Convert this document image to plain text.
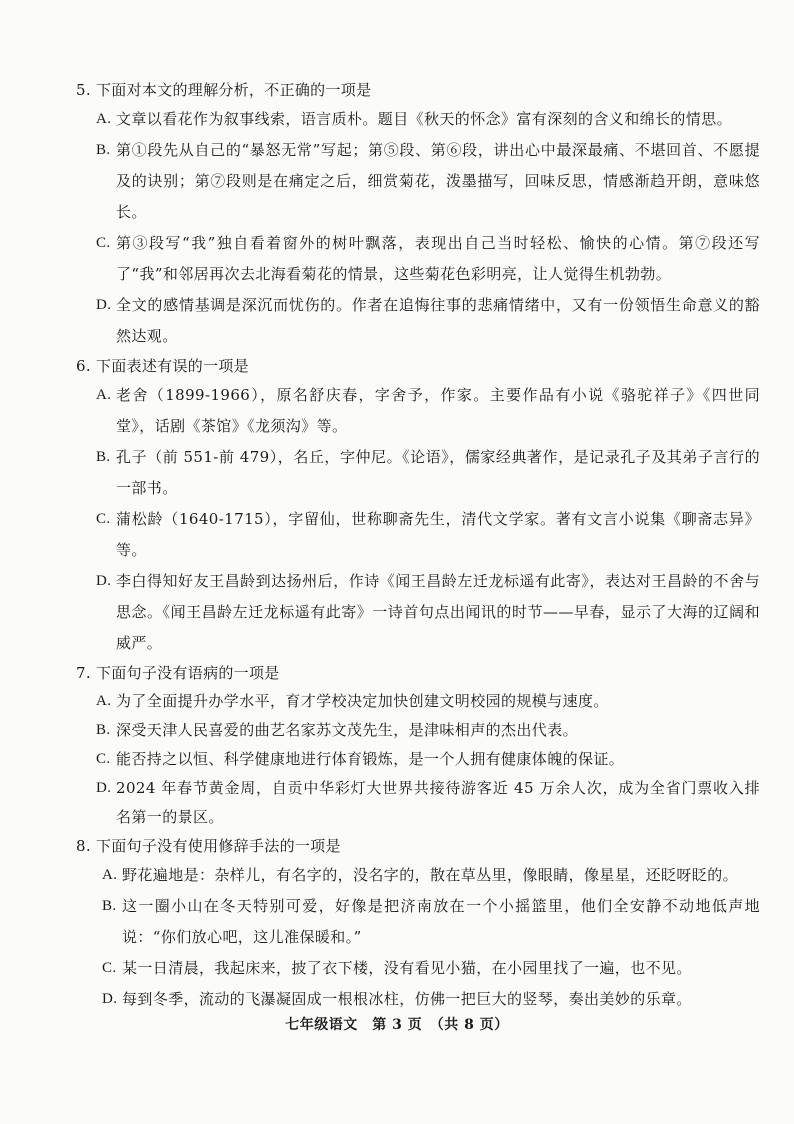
5. 下面对本文的理解分析，不正确的一项是

A. 文章以看花作为叙事线索，语言质朴。题目《秋天的怀念》富有深刻的含义和绵长的情思。
B. 第①段先从自己的“暴怒无常”写起；第⑤段、第⑥段，讲出心中最深最痛、不堪回首、不愿提及的诀别；第⑦段则是在痛定之后，细赏菊花，泼墨描写，回味反思，情感渐趋开朗，意味悠长。
C. 第③段写“我”独自看着窗外的树叶飘落，表现出自己当时轻松、愉快的心情。第⑦段还写了“我”和邻居再次去北海看菊花的情景，这些菊花色彩明亮，让人觉得生机勃勃。
D. 全文的感情基调是深沉而忧伤的。作者在追悔往事的悲痛情绪中，又有一份领悟生命意义的豁然达观。

6. 下面表述有误的一项是

A. 老舍（1899-1966），原名舒庆春，字舍予，作家。主要作品有小说《骆驼祥子》《四世同堂》，话剧《茶馆》《龙须沟》等。
B. 孔子（前 551-前 479），名丘，字仲尼。《论语》，儒家经典著作，是记录孔子及其弟子言行的一部书。
C. 蒲松龄（1640-1715），字留仙，世称聊斋先生，清代文学家。著有文言小说集《聊斋志异》等。
D. 李白得知好友王昌龄到达扬州后，作诗《闻王昌龄左迁龙标遥有此寄》，表达对王昌龄的不舍与思念。《闻王昌龄左迁龙标遥有此寄》一诗首句点出闻讯的时节——早春，显示了大海的辽阔和威严。

7. 下面句子没有语病的一项是

A. 为了全面提升办学水平，育才学校决定加快创建文明校园的规模与速度。
B. 深受天津人民喜爱的曲艺名家苏文茂先生，是津味相声的杰出代表。
C. 能否持之以恒、科学健康地进行体育锻炼，是一个人拥有健康体魄的保证。
D. 2024 年春节黄金周，自贡中华彩灯大世界共接待游客近 45 万余人次，成为全省门票收入排名第一的景区。

8. 下面句子没有使用修辞手法的一项是

A. 野花遍地是：杂样儿，有名字的，没名字的，散在草丛里，像眼睛，像星星，还眨呀眨的。
B. 这一圈小山在冬天特别可爱，好像是把济南放在一个小摇篮里，他们全安静不动地低声地说：“你们放心吧，这儿准保暖和。”
C. 某一日清晨，我起床来，披了衣下楼，没有看见小猫，在小园里找了一遍，也不见。
D. 每到冬季，流动的飞瀑凝固成一根根冰柱，仿佛一把巨大的竖琴，奏出美妙的乐章。
七年级语文　第 3 页　（共 8 页）
